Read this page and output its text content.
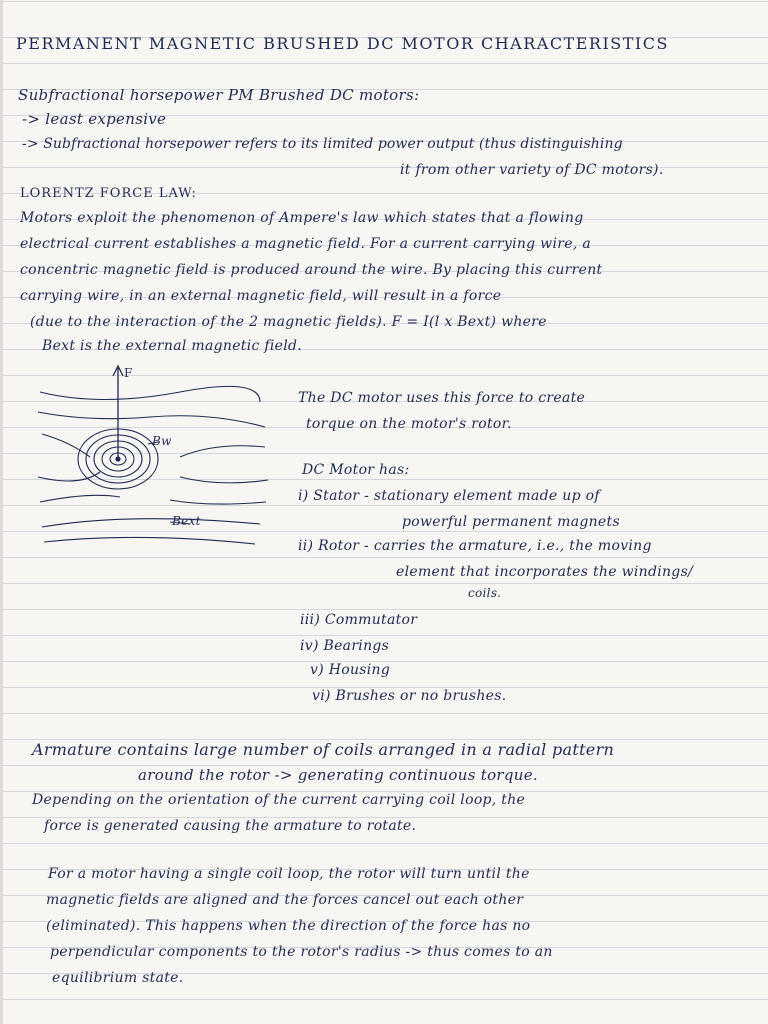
PERMANENT MAGNETIC BRUSHED DC MOTOR CHARACTERISTICS
Subfractional horsepower PM Brushed DC motors:
-> least expensive
-> Subfractional horsepower refers to its limited power output (thus distinguishing
it from other variety of DC motors).
LORENTZ FORCE LAW:
Motors exploit the phenomenon of Ampere's law which states that a flowing
electrical current establishes a magnetic field. For a current carrying wire, a
concentric magnetic field is produced around the wire. By placing this current
carrying wire, in an external magnetic field, will result in a force
(due to the interaction of the 2 magnetic fields). F = I(l x Bext) where
Bext is the external magnetic field.
F
Bw
Bext
The DC motor uses this force to create
torque on the motor's rotor.
DC Motor has:
i) Stator - stationary element made up of
powerful permanent magnets
ii) Rotor - carries the armature, i.e., the moving
element that incorporates the windings/
coils.
iii) Commutator
iv) Bearings
v) Housing
vi) Brushes or no brushes.
Armature contains large number of coils arranged in a radial pattern
around the rotor -> generating continuous torque.
Depending on the orientation of the current carrying coil loop, the
force is generated causing the armature to rotate.
For a motor having a single coil loop, the rotor will turn until the
magnetic fields are aligned and the forces cancel out each other
(eliminated). This happens when the direction of the force has no
perpendicular components to the rotor's radius -> thus comes to an
equilibrium state.
